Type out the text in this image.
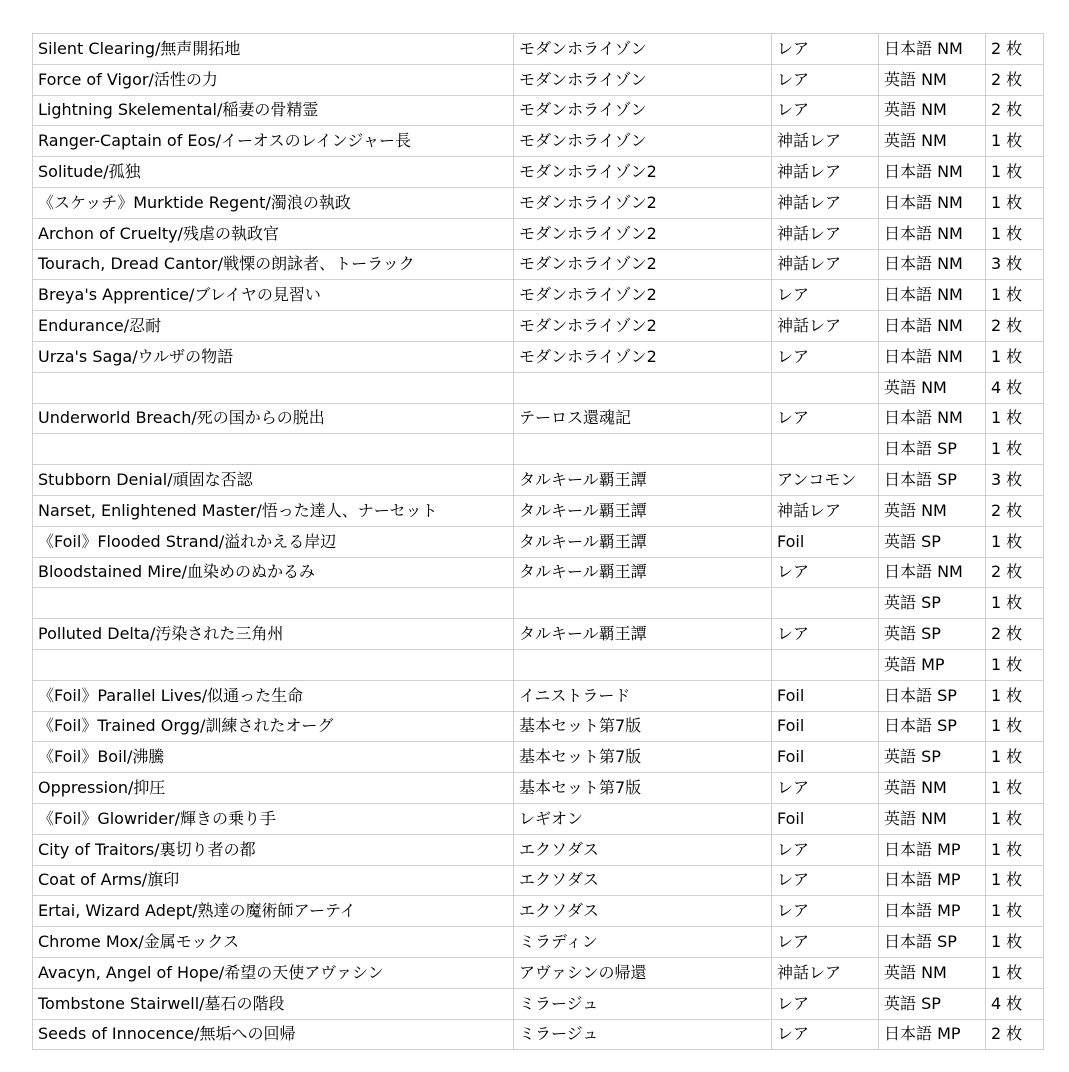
Silent Clearing/無声開拓地	モダンホライゾン	レア	日本語 NM	2 枚
Force of Vigor/活性の力	モダンホライゾン	レア	英語 NM	2 枚
Lightning Skelemental/稲妻の骨精霊	モダンホライゾン	レア	英語 NM	2 枚
Ranger-Captain of Eos/イーオスのレインジャー長	モダンホライゾン	神話レア	英語 NM	1 枚
Solitude/孤独	モダンホライゾン2	神話レア	日本語 NM	1 枚
《スケッチ》Murktide Regent/濁浪の執政	モダンホライゾン2	神話レア	日本語 NM	1 枚
Archon of Cruelty/残虐の執政官	モダンホライゾン2	神話レア	日本語 NM	1 枚
Tourach, Dread Cantor/戦慄の朗詠者、トーラック	モダンホライゾン2	神話レア	日本語 NM	3 枚
Breya's Apprentice/ブレイヤの見習い	モダンホライゾン2	レア	日本語 NM	1 枚
Endurance/忍耐	モダンホライゾン2	神話レア	日本語 NM	2 枚
Urza's Saga/ウルザの物語	モダンホライゾン2	レア	日本語 NM	1 枚
			英語 NM	4 枚
Underworld Breach/死の国からの脱出	テーロス還魂記	レア	日本語 NM	1 枚
			日本語 SP	1 枚
Stubborn Denial/頑固な否認	タルキール覇王譚	アンコモン	日本語 SP	3 枚
Narset, Enlightened Master/悟った達人、ナーセット	タルキール覇王譚	神話レア	英語 NM	2 枚
《Foil》Flooded Strand/溢れかえる岸辺	タルキール覇王譚	Foil	英語 SP	1 枚
Bloodstained Mire/血染めのぬかるみ	タルキール覇王譚	レア	日本語 NM	2 枚
			英語 SP	1 枚
Polluted Delta/汚染された三角州	タルキール覇王譚	レア	英語 SP	2 枚
			英語 MP	1 枚
《Foil》Parallel Lives/似通った生命	イニストラード	Foil	日本語 SP	1 枚
《Foil》Trained Orgg/訓練されたオーグ	基本セット第7版	Foil	日本語 SP	1 枚
《Foil》Boil/沸騰	基本セット第7版	Foil	英語 SP	1 枚
Oppression/抑圧	基本セット第7版	レア	英語 NM	1 枚
《Foil》Glowrider/輝きの乗り手	レギオン	Foil	英語 NM	1 枚
City of Traitors/裏切り者の都	エクソダス	レア	日本語 MP	1 枚
Coat of Arms/旗印	エクソダス	レア	日本語 MP	1 枚
Ertai, Wizard Adept/熟達の魔術師アーテイ	エクソダス	レア	日本語 MP	1 枚
Chrome Mox/金属モックス	ミラディン	レア	日本語 SP	1 枚
Avacyn, Angel of Hope/希望の天使アヴァシン	アヴァシンの帰還	神話レア	英語 NM	1 枚
Tombstone Stairwell/墓石の階段	ミラージュ	レア	英語 SP	4 枚
Seeds of Innocence/無垢への回帰	ミラージュ	レア	日本語 MP	2 枚
